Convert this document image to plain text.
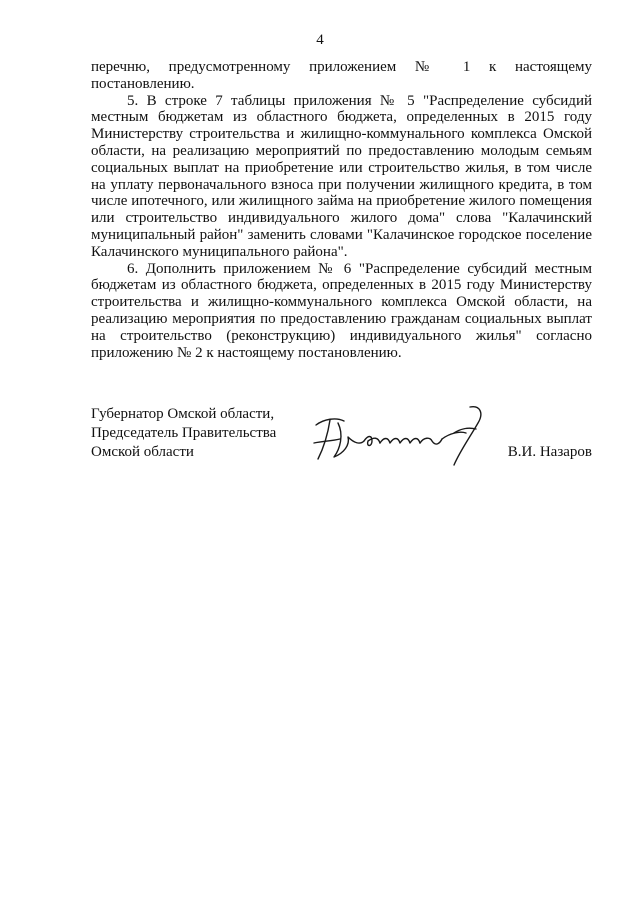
4

перечню, предусмотренному приложением № 1 к настоящему постановлению.

5. В строке 7 таблицы приложения № 5 "Распределение субсидий местным бюджетам из областного бюджета, определенных в 2015 году Министерству строительства и жилищно-коммунального комплекса Омской области, на реализацию мероприятий по предоставлению молодым семьям социальных выплат на приобретение или строительство жилья, в том числе на уплату первоначального взноса при получении жилищного кредита, в том числе ипотечного, или жилищного займа на приобретение жилого помещения или строительство индивидуального жилого дома" слова "Калачинский муниципальный район" заменить словами "Калачинское городское поселение Калачинского муниципального района".

6. Дополнить приложением № 6 "Распределение субсидий местным бюджетам из областного бюджета, определенных в 2015 году Министерству строительства и жилищно-коммунального комплекса Омской области, на реализацию мероприятия по предоставлению гражданам социальных выплат на строительство (реконструкцию) индивидуального жилья" согласно приложению № 2 к настоящему постановлению.

Губернатор Омской области,
Председатель Правительства
Омской области	В.И. Назаров
